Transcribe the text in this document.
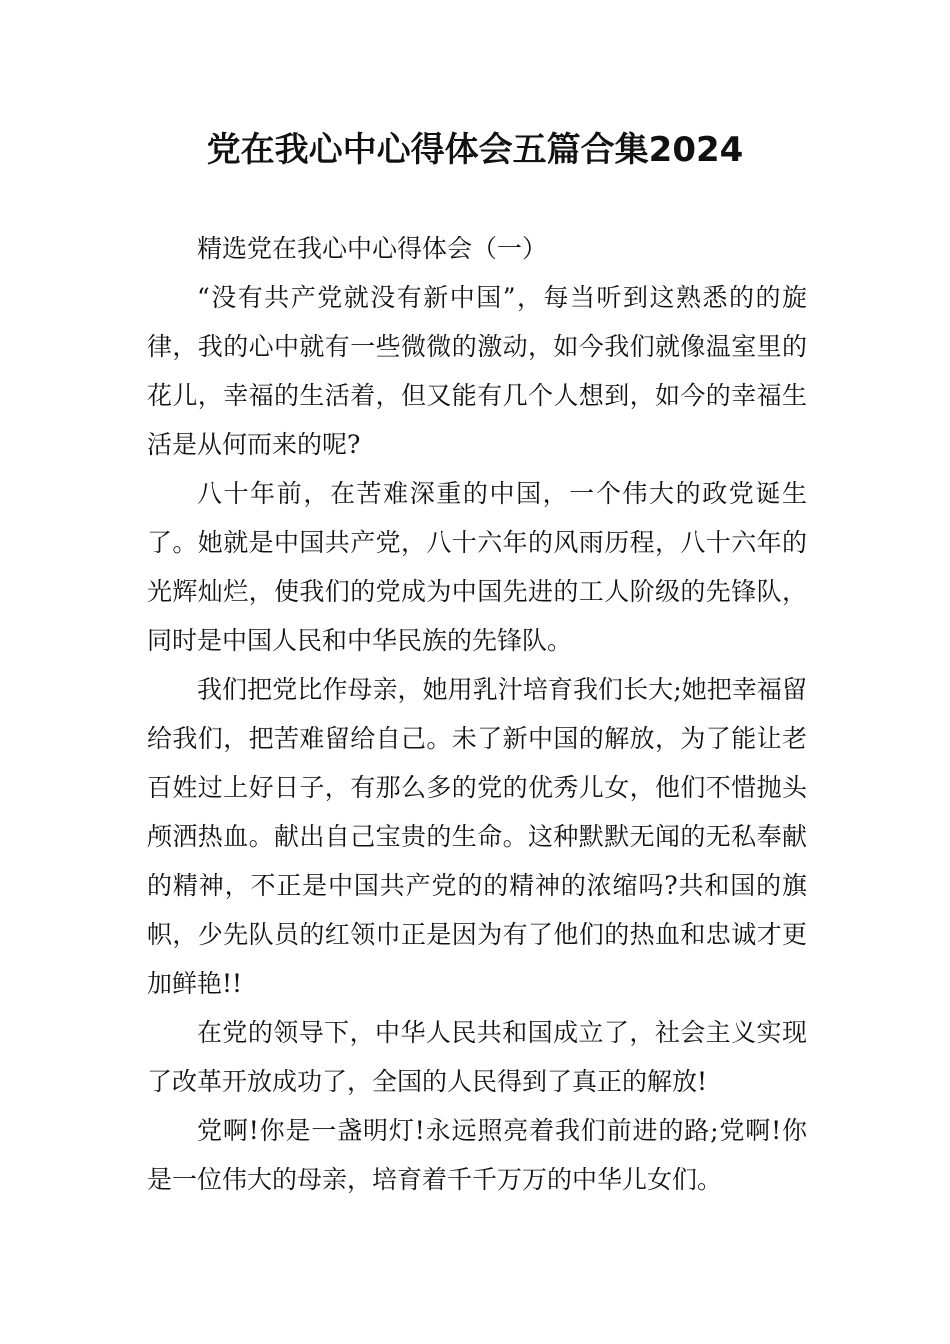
党在我心中心得体会五篇合集2024

精选党在我心中心得体会（一）

“没有共产党就没有新中国”，每当听到这熟悉的的旋律，我的心中就有一些微微的激动，如今我们就像温室里的花儿，幸福的生活着，但又能有几个人想到，如今的幸福生活是从何而来的呢?

八十年前，在苦难深重的中国，一个伟大的政党诞生了。她就是中国共产党，八十六年的风雨历程，八十六年的光辉灿烂，使我们的党成为中国先进的工人阶级的先锋队，同时是中国人民和中华民族的先锋队。

我们把党比作母亲，她用乳汁培育我们长大;她把幸福留给我们，把苦难留给自己。未了新中国的解放，为了能让老百姓过上好日子，有那么多的党的优秀儿女，他们不惜抛头颅洒热血。献出自己宝贵的生命。这种默默无闻的无私奉献的精神，不正是中国共产党的的精神的浓缩吗?共和国的旗帜，少先队员的红领巾正是因为有了他们的热血和忠诚才更加鲜艳!!

在党的领导下，中华人民共和国成立了，社会主义实现了改革开放成功了，全国的人民得到了真正的解放!

党啊!你是一盏明灯!永远照亮着我们前进的路;党啊!你是一位伟大的母亲，培育着千千万万的中华儿女们。
